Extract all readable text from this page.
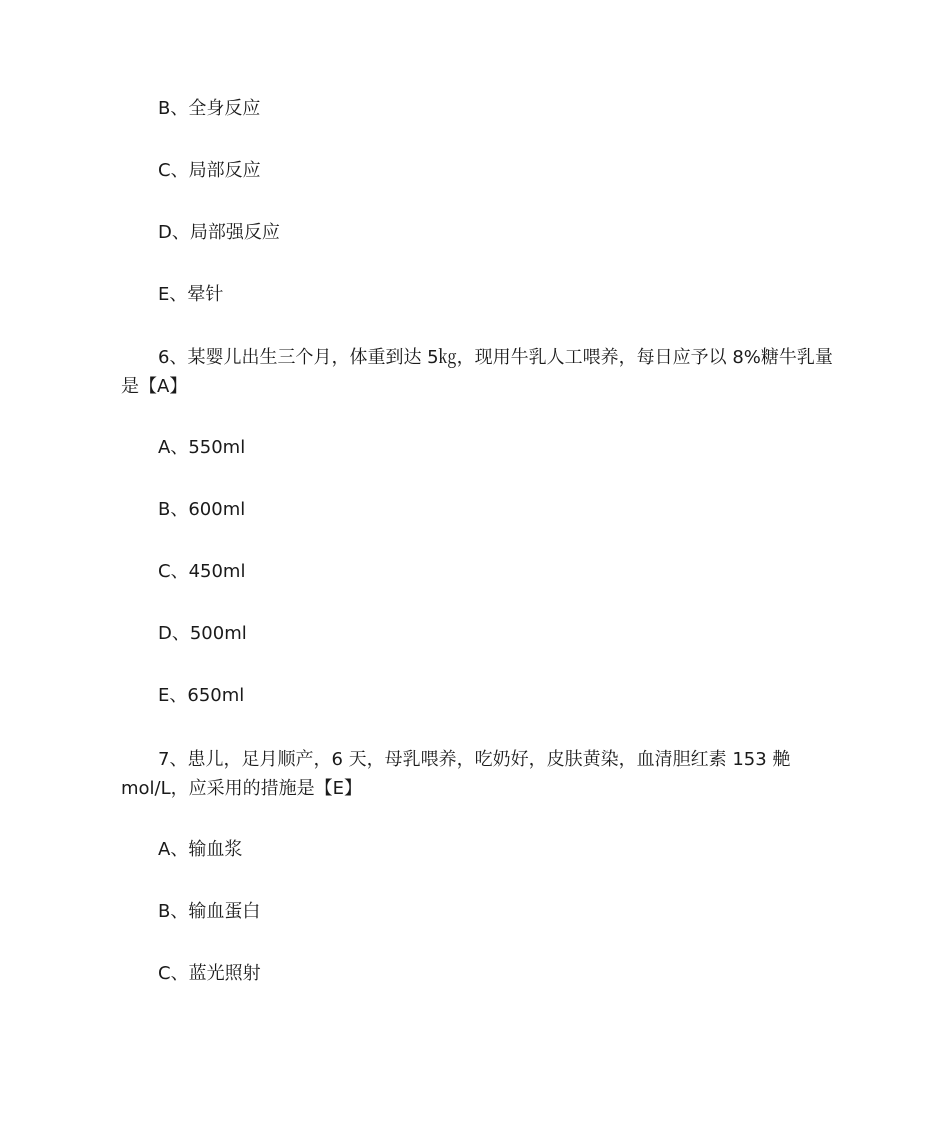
B、全身反应
C、局部反应
D、局部强反应
E、晕针
6、某婴儿出生三个月，体重到达 5㎏，现用牛乳人工喂养，每日应予以 8%糖牛乳量
是【A】
A、550ml
B、600ml
C、450ml
D、500ml
E、650ml
7、患儿，足月顺产，6 天，母乳喂养，吃奶好，皮肤黄染，血清胆红素 153 艴
mol/L，应采用的措施是【E】
A、输血浆
B、输血蛋白
C、蓝光照射
